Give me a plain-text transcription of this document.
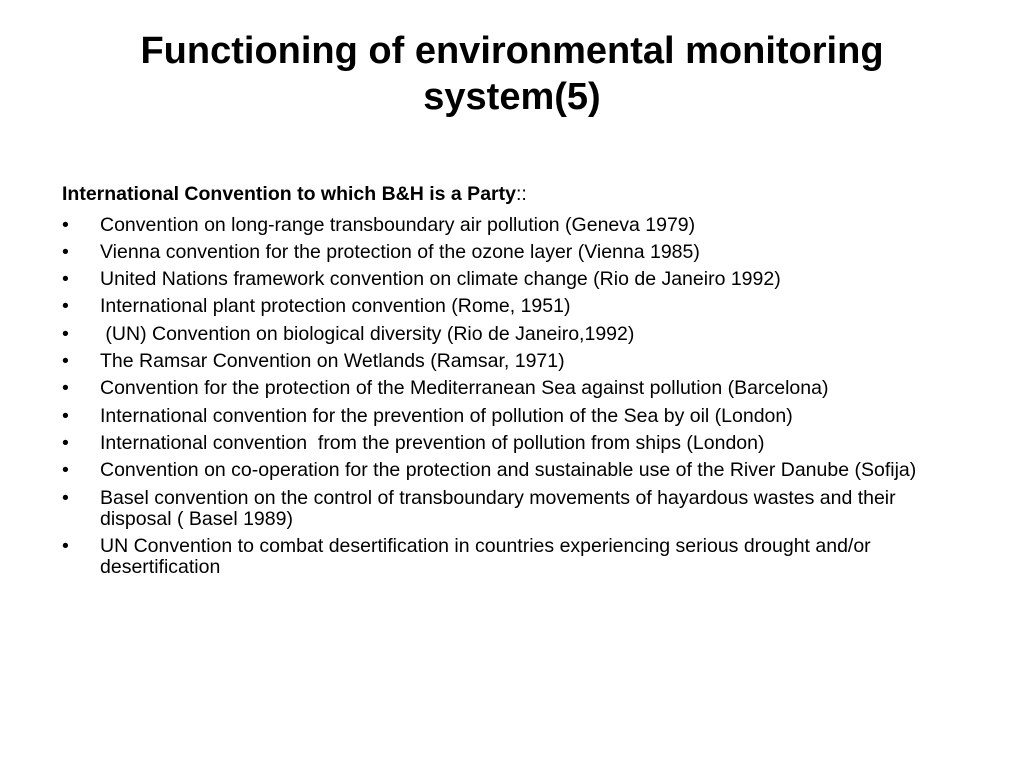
Functioning of environmental monitoring system(5)

International Convention to which B&H is a Party::

• Convention on long-range transboundary air pollution (Geneva 1979)
• Vienna convention for the protection of the ozone layer (Vienna 1985)
• United Nations framework convention on climate change (Rio de Janeiro 1992)
• International plant protection convention (Rome, 1951)
• (UN) Convention on biological diversity (Rio de Janeiro,1992)
• The Ramsar Convention on Wetlands (Ramsar, 1971)
• Convention for the protection of the Mediterranean Sea against pollution (Barcelona)
• International convention for the prevention of pollution of the Sea by oil (London)
• International convention  from the prevention of pollution from ships (London)
• Convention on co-operation for the protection and sustainable use of the River Danube (Sofija)
• Basel convention on the control of transboundary movements of hayardous wastes and their disposal ( Basel 1989)
• UN Convention to combat desertification in countries experiencing serious drought and/or desertification
